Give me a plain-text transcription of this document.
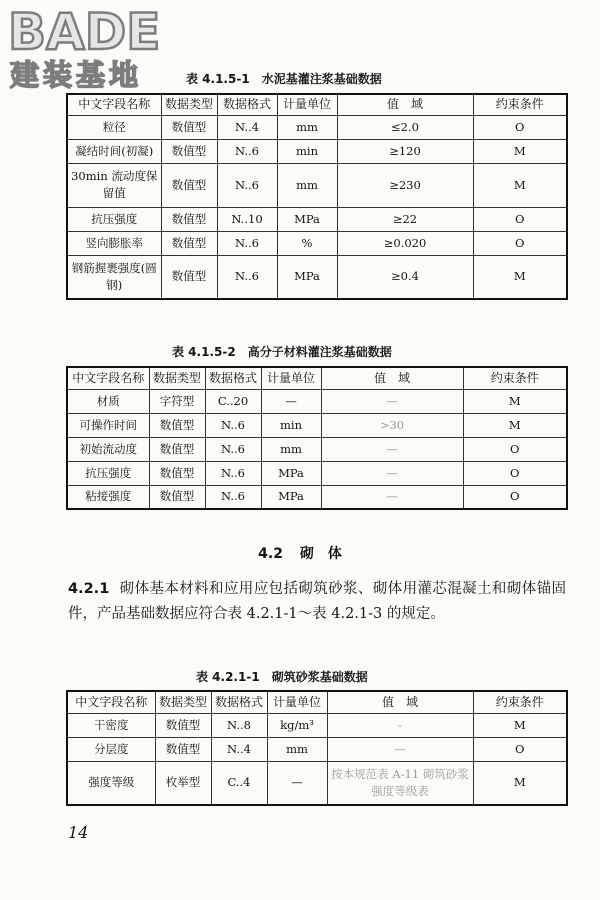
BADE
建装基地	表 4.1.5-1 水泥基灌注浆基础数据
中文字段名称	数据类型	数据格式	计量单位	值　域	约束条件
粒径	数值型	N..4	mm	≤2.0	O
凝结时间(初凝)	数值型	N..6	min	≥120	M
30min 流动度保留值	数值型	N..6	mm	≥230	M
抗压强度	数值型	N..10	MPa	≥22	O
竖向膨胀率	数值型	N..6	%	≥0.020	O
钢筋握裹强度(圆钢)	数值型	N..6	MPa	≥0.4	M
表 4.1.5-2 高分子材料灌注浆基础数据
中文字段名称	数据类型	数据格式	计量单位	值　域	约束条件
材质	字符型	C..20	—	—	M
可操作时间	数值型	N..6	min	>30	M
初始流动度	数值型	N..6	mm	—	O
抗压强度	数值型	N..6	MPa	—	O
粘接强度	数值型	N..6	MPa	—	O
4.2 砌　体

4.2.1 砌体基本材料和应用应包括砌筑砂浆、砌体用灌芯混凝土和砌体锚固件，产品基础数据应符合表 4.2.1-1～表 4.2.1-3 的规定。

表 4.2.1-1 砌筑砂浆基础数据
中文字段名称	数据类型	数据格式	计量单位	值　域	约束条件
干密度	数值型	N..8	kg/m³	-	M
分层度	数值型	N..4	mm	—	O
强度等级	枚举型	C..4	—	按本规范表 A-11 砌筑砂浆强度等级表	M
14
